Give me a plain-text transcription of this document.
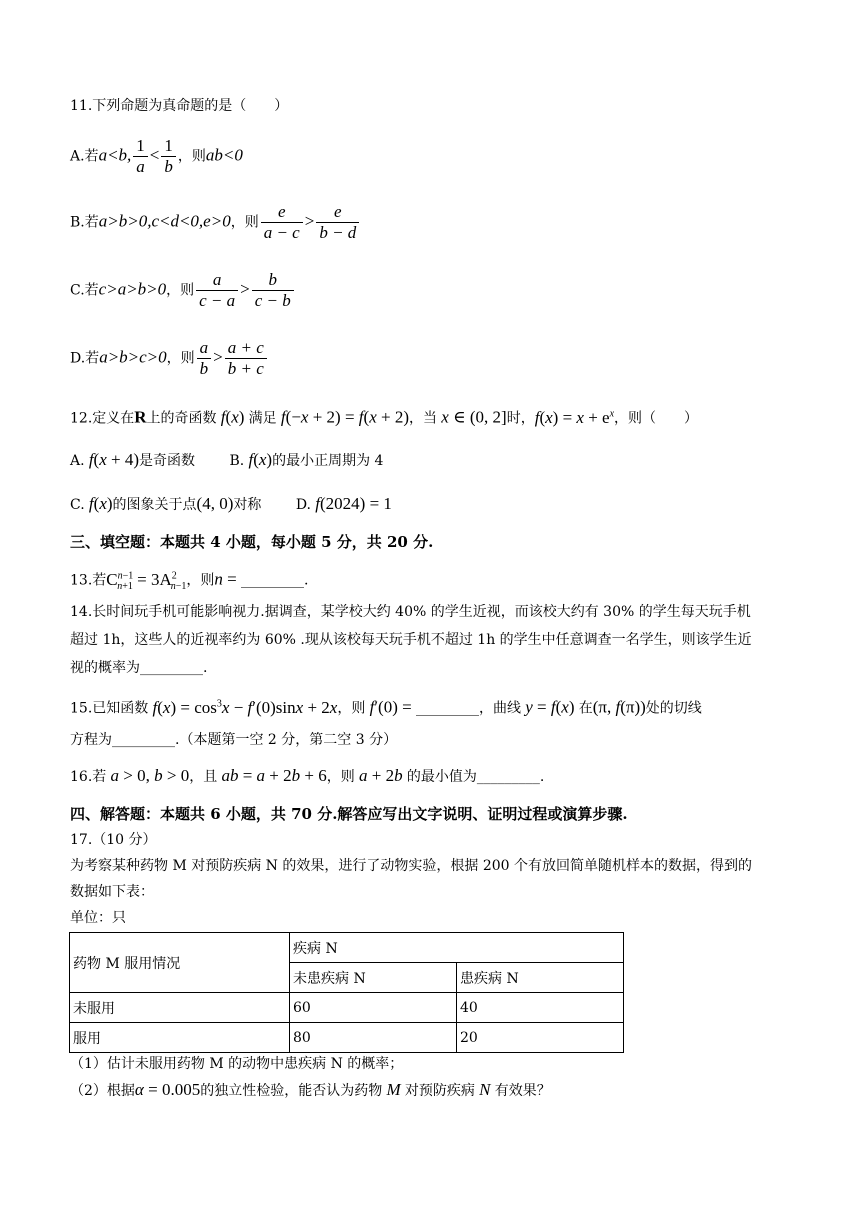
11.下列命题为真命题的是（　　）
A.若a<b, $\frac{1}{a} < \frac{1}{b}$ ，则ab<0
B.若a>b>0,c<d<0,e>0，则 $\frac{e}{a - c} > \frac{e}{b - d}$
C.若c>a>b>0，则 $\frac{a}{c - a} > \frac{b}{c - b}$
D.若a>b>c>0，则 $\frac{a}{b} > \frac{a + c}{b + c}$
12.定义在R上的奇函数 f(x) 满足 f(−x + 2) = f(x + 2)，当 x ∈ (0, 2]时，$f(x) = x + e^x$，则（　　）
A. f(x + 4)是奇函数 B. f(x)的最小正周期为 4
C. f(x)的图象关于点(4, 0)对称 D. f(2024) = 1
三、填空题：本题共 4 小题，每小题 5 分，共 20 分.
13.若$C^{n-1}_{n+1} = 3A^2_{n-1}$，则n = _________.
14.长时间玩手机可能影响视力.据调查，某学校大约 40% 的学生近视，而该校大约有 30% 的学生每天玩手机
超过 1h，这些人的近视率约为 60% .现从该校每天玩手机不超过 1h 的学生中任意调查一名学生，则该学生近
视的概率为_________.
15.已知函数 $f(x) = \cos^3x - f'(0)\sin x + 2x$，则 f′(0) = _________，曲线 y = f(x) 在(π, f(π))处的切线
方程为_________.（本题第一空 2 分，第二空 3 分）
16.若 a > 0, b > 0，且 ab = a + 2b + 6，则 a + 2b 的最小值为_________.
四、解答题：本题共 6 小题，共 70 分.解答应写出文字说明、证明过程或演算步骤.
17.（10 分）
为考察某种药物 M 对预防疾病 N 的效果，进行了动物实验，根据 200 个有放回简单随机样本的数据，得到的
数据如下表：
单位：只
药物 M 服用情况	疾病 N	
	未患疾病 N	患疾病 N
未服用	60	40
服用	80	20
（1）估计未服用药物 M 的动物中患疾病 N 的概率；
（2）根据α = 0.005的独立性检验，能否认为药物 M 对预防疾病 N 有效果？
